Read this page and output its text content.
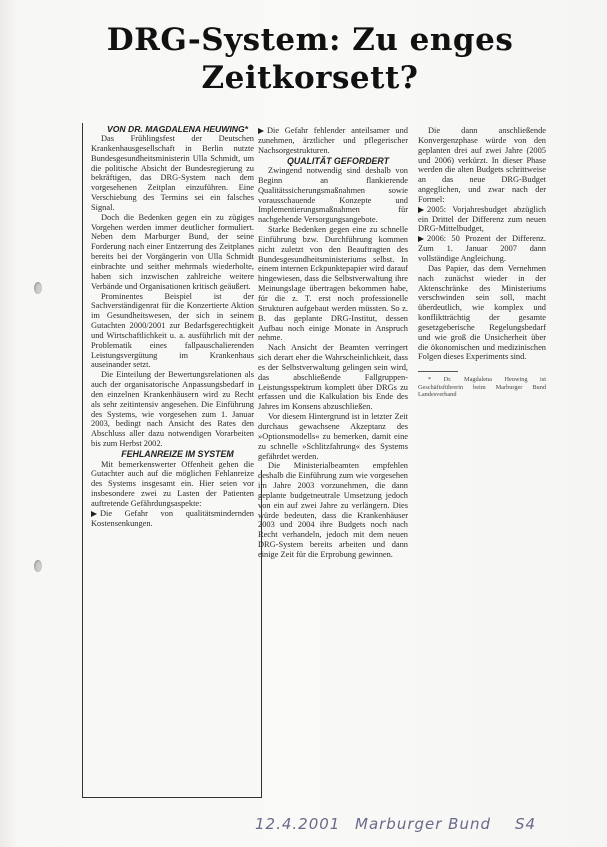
DRG-System: Zu enges
Zeitkorsett?

VON DR. MAGDALENA HEUWING*

Das Frühlingsfest der Deutschen Krankenhausgesellschaft in Berlin nutzte Bundesgesundheitsministerin Ulla Schmidt, um die politische Absicht der Bundesregierung zu bekräftigen, das DRG-System nach dem vorgesehenen Zeitplan einzuführen. Eine Verschiebung des Termins sei ein falsches Signal.

Doch die Bedenken gegen ein zu zügiges Vorgehen werden immer deutlicher formuliert. Neben dem Marburger Bund, der seine Forderung nach einer Entzerrung des Zeitplanes bereits bei der Vorgängerin von Ulla Schmidt einbrachte und seither mehrmals wiederholte, haben sich inzwischen zahlreiche weitere Verbände und Organisationen kritisch geäußert.

Prominentes Beispiel ist der Sachverständigenrat für die Konzertierte Aktion im Gesundheitswesen, der sich in seinem Gutachten 2000/2001 zur Bedarfsgerechtigkeit und Wirtschaftlichkeit u. a. ausführlich mit der Problematik eines fallpauschalierenden Leistungsvergütung im Krankenhaus auseinander setzt.

Die Einteilung der Bewertungsrelationen als auch der organisatorische Anpassungsbedarf in den einzelnen Krankenhäusern wird zu Recht als sehr zeitintensiv angesehen. Die Einführung des Systems, wie vorgesehen zum 1. Januar 2003, bedingt nach Ansicht des Rates den Abschluss aller dazu notwendigen Vorarbeiten bis zum Herbst 2002.

FEHLANREIZE IM SYSTEM

Mit bemerkenswerter Offenheit gehen die Gutachter auch auf die möglichen Fehlanreize des Systems insgesamt ein. Hier seien vor insbesondere zwei zu Lasten der Patienten auftretende Gefährdungsaspekte:

Die Gefahr von qualitätsmindernden Kostensenkungen.

Die Gefahr fehlender anteilsamer und zunehmen, ärztlicher und pflegerischer Nachsorgestrukturen.

QUALITÄT GEFORDERT

Zwingend notwendig sind deshalb von Beginn an flankierende Qualitätssicherungsmaßnahmen sowie vorausschauende Konzepte und Implementierungsmaßnahmen für nachgehende Versorgungsangebote.

Starke Bedenken gegen eine zu schnelle Einführung bzw. Durchführung kommen nicht zuletzt von den Beauftragten des Bundesgesundheitsministeriums selbst. In einem internen Eckpunktepapier wird darauf hingewiesen, dass die Selbstverwaltung ihre Meinungslage übertragen bekommen habe, für die z. T. erst noch professionelle Strukturen aufgebaut werden müssten. So z. B. das geplante DRG-Institut, dessen Aufbau noch einige Monate in Anspruch nehme.

Nach Ansicht der Beamten verringert sich derart eher die Wahrscheinlichkeit, dass es der Selbstverwaltung gelingen sein wird, das abschließende Fallgruppen-Leistungsspektrum komplett über DRGs zu erfassen und die Kalkulation bis Ende des Jahres im Konsens abzuschließen.

Vor diesem Hintergrund ist in letzter Zeit durchaus gewachsene Akzeptanz des »Optionsmodells« zu bemerken, damit eine zu schnelle »Schlitzfahrung« des Systems gefährdet werden.

Die Ministerialbeamten empfehlen deshalb die Einführung zum wie vorgesehen im Jahre 2003 vorzunehmen, die dann geplante budgetneutrale Umsetzung jedoch von ein auf zwei Jahre zu verlängern. Dies würde bedeuten, dass die Krankenhäuser 2003 und 2004 ihre Budgets noch nach Recht verhandeln, jedoch mit dem neuen DRG-System bereits arbeiten und dann einige Zeit für die Erprobung gewinnen.

Die dann anschließende Konvergenzphase würde von den geplanten drei auf zwei Jahre (2005 und 2006) verkürzt. In dieser Phase werden die alten Budgets schrittweise an das neue DRG-Budget angeglichen, und zwar nach der Formel:

2005: Vorjahresbudget abzüglich ein Drittel der Differenz zum neuen DRG-Mittelbudget,

2006: 50 Prozent der Differenz. Zum 1. Januar 2007 dann vollständige Angleichung.

Das Papier, das dem Vernehmen nach zunächst wieder in der Aktenschränke des Ministeriums verschwinden sein soll, macht überdeutlich, wie komplex und konfliktträchtig der gesamte gesetzgeberische Regelungsbedarf und wie groß die Unsicherheit über die ökonomischen und medizinischen Folgen dieses Experiments sind.

* Dr. Magdalena Heuwing ist Geschäftsführerin beim Marburger Bund Landesverband

12.4.2001 Marburger Bund S4
